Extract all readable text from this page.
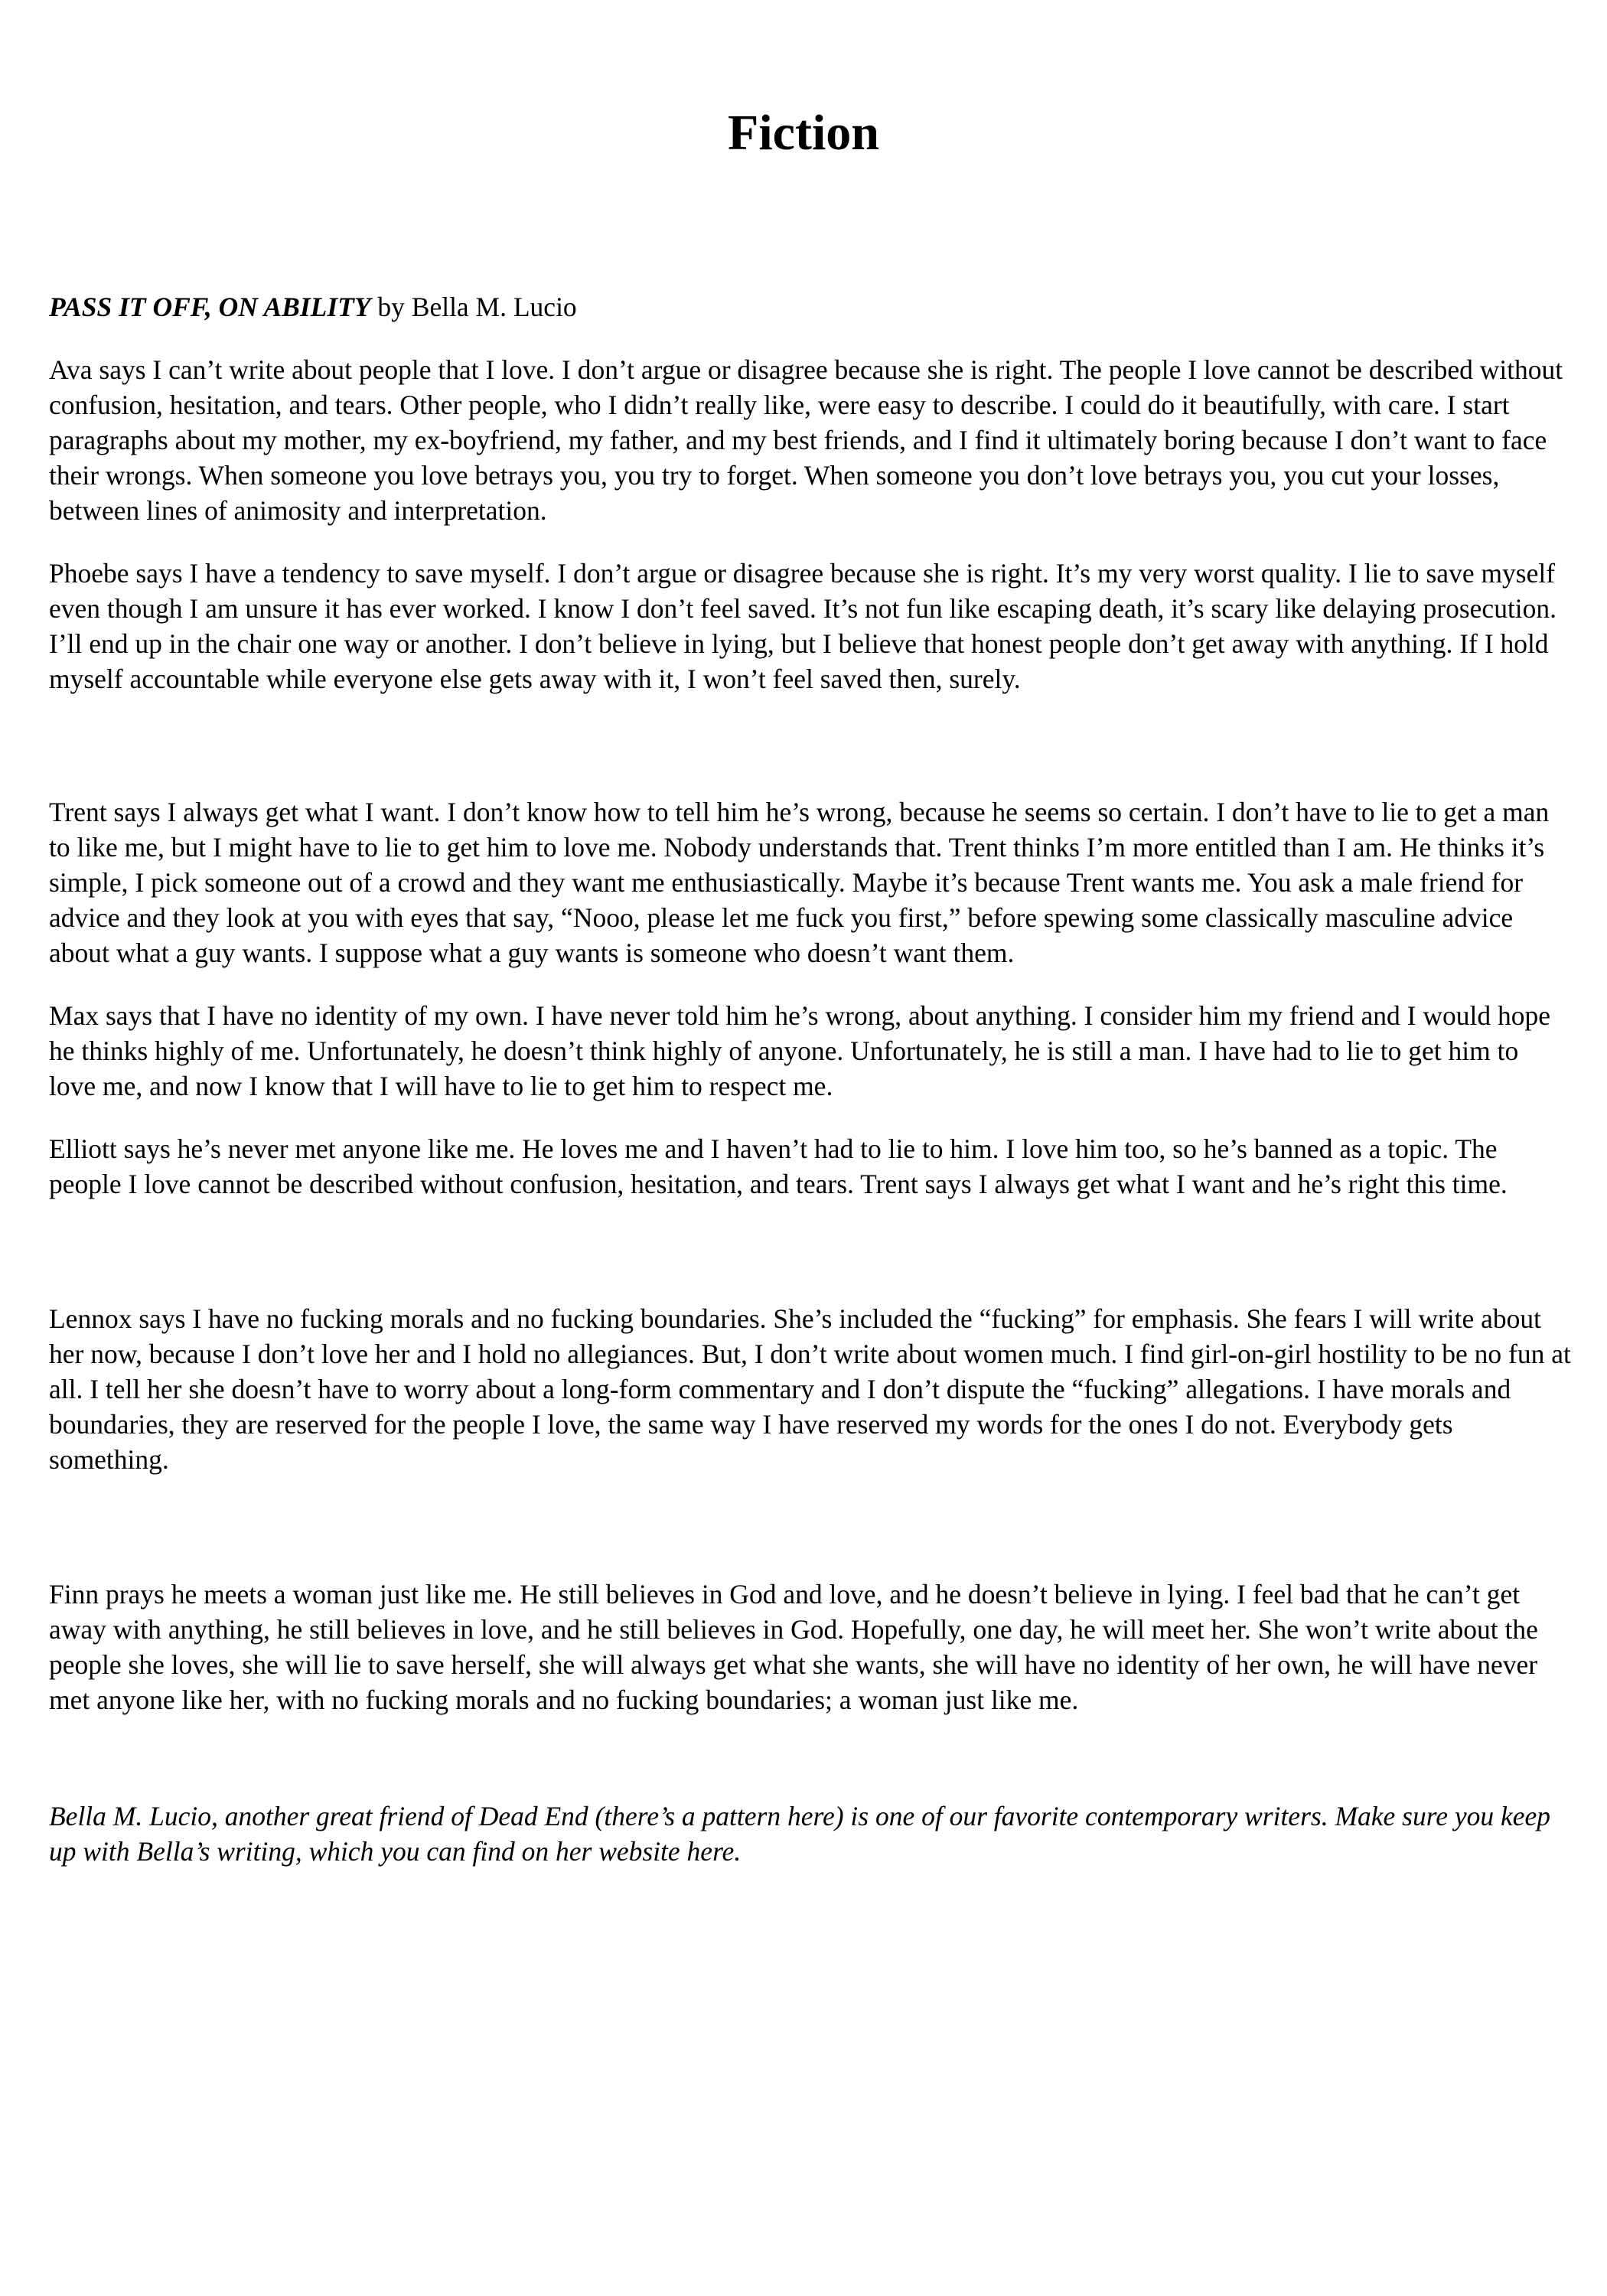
Fiction

PASS IT OFF, ON ABILITY by Bella M. Lucio

Ava says I can’t write about people that I love. I don’t argue or disagree because she is right. The people I love cannot be described without confusion, hesitation, and tears. Other people, who I didn’t really like, were easy to describe. I could do it beautifully, with care. I start paragraphs about my mother, my ex-boyfriend, my father, and my best friends, and I find it ultimately boring because I don’t want to face their wrongs. When someone you love betrays you, you try to forget. When someone you don’t love betrays you, you cut your losses, between lines of animosity and interpretation.

Phoebe says I have a tendency to save myself. I don’t argue or disagree because she is right. It’s my very worst quality. I lie to save myself even though I am unsure it has ever worked. I know I don’t feel saved. It’s not fun like escaping death, it’s scary like delaying prosecution. I’ll end up in the chair one way or another. I don’t believe in lying, but I believe that honest people don’t get away with anything. If I hold myself accountable while everyone else gets away with it, I won’t feel saved then, surely.

Trent says I always get what I want. I don’t know how to tell him he’s wrong, because he seems so certain. I don’t have to lie to get a man to like me, but I might have to lie to get him to love me. Nobody understands that. Trent thinks I’m more entitled than I am. He thinks it’s simple, I pick someone out of a crowd and they want me enthusiastically. Maybe it’s because Trent wants me. You ask a male friend for advice and they look at you with eyes that say, “Nooo, please let me fuck you first,” before spewing some classically masculine advice about what a guy wants. I suppose what a guy wants is someone who doesn’t want them.

Max says that I have no identity of my own. I have never told him he’s wrong, about anything. I consider him my friend and I would hope he thinks highly of me. Unfortunately, he doesn’t think highly of anyone. Unfortunately, he is still a man. I have had to lie to get him to love me, and now I know that I will have to lie to get him to respect me.

Elliott says he’s never met anyone like me. He loves me and I haven’t had to lie to him. I love him too, so he’s banned as a topic. The people I love cannot be described without confusion, hesitation, and tears. Trent says I always get what I want and he’s right this time.

Lennox says I have no fucking morals and no fucking boundaries. She’s included the “fucking” for emphasis. She fears I will write about her now, because I don’t love her and I hold no allegiances. But, I don’t write about women much. I find girl-on-girl hostility to be no fun at all. I tell her she doesn’t have to worry about a long-form commentary and I don’t dispute the “fucking” allegations. I have morals and boundaries, they are reserved for the people I love, the same way I have reserved my words for the ones I do not. Everybody gets something.

Finn prays he meets a woman just like me. He still believes in God and love, and he doesn’t believe in lying. I feel bad that he can’t get away with anything, he still believes in love, and he still believes in God. Hopefully, one day, he will meet her. She won’t write about the people she loves, she will lie to save herself, she will always get what she wants, she will have no identity of her own, he will have never met anyone like her, with no fucking morals and no fucking boundaries; a woman just like me.

Bella M. Lucio, another great friend of Dead End (there’s a pattern here) is one of our favorite contemporary writers. Make sure you keep up with Bella’s writing, which you can find on her website here.
